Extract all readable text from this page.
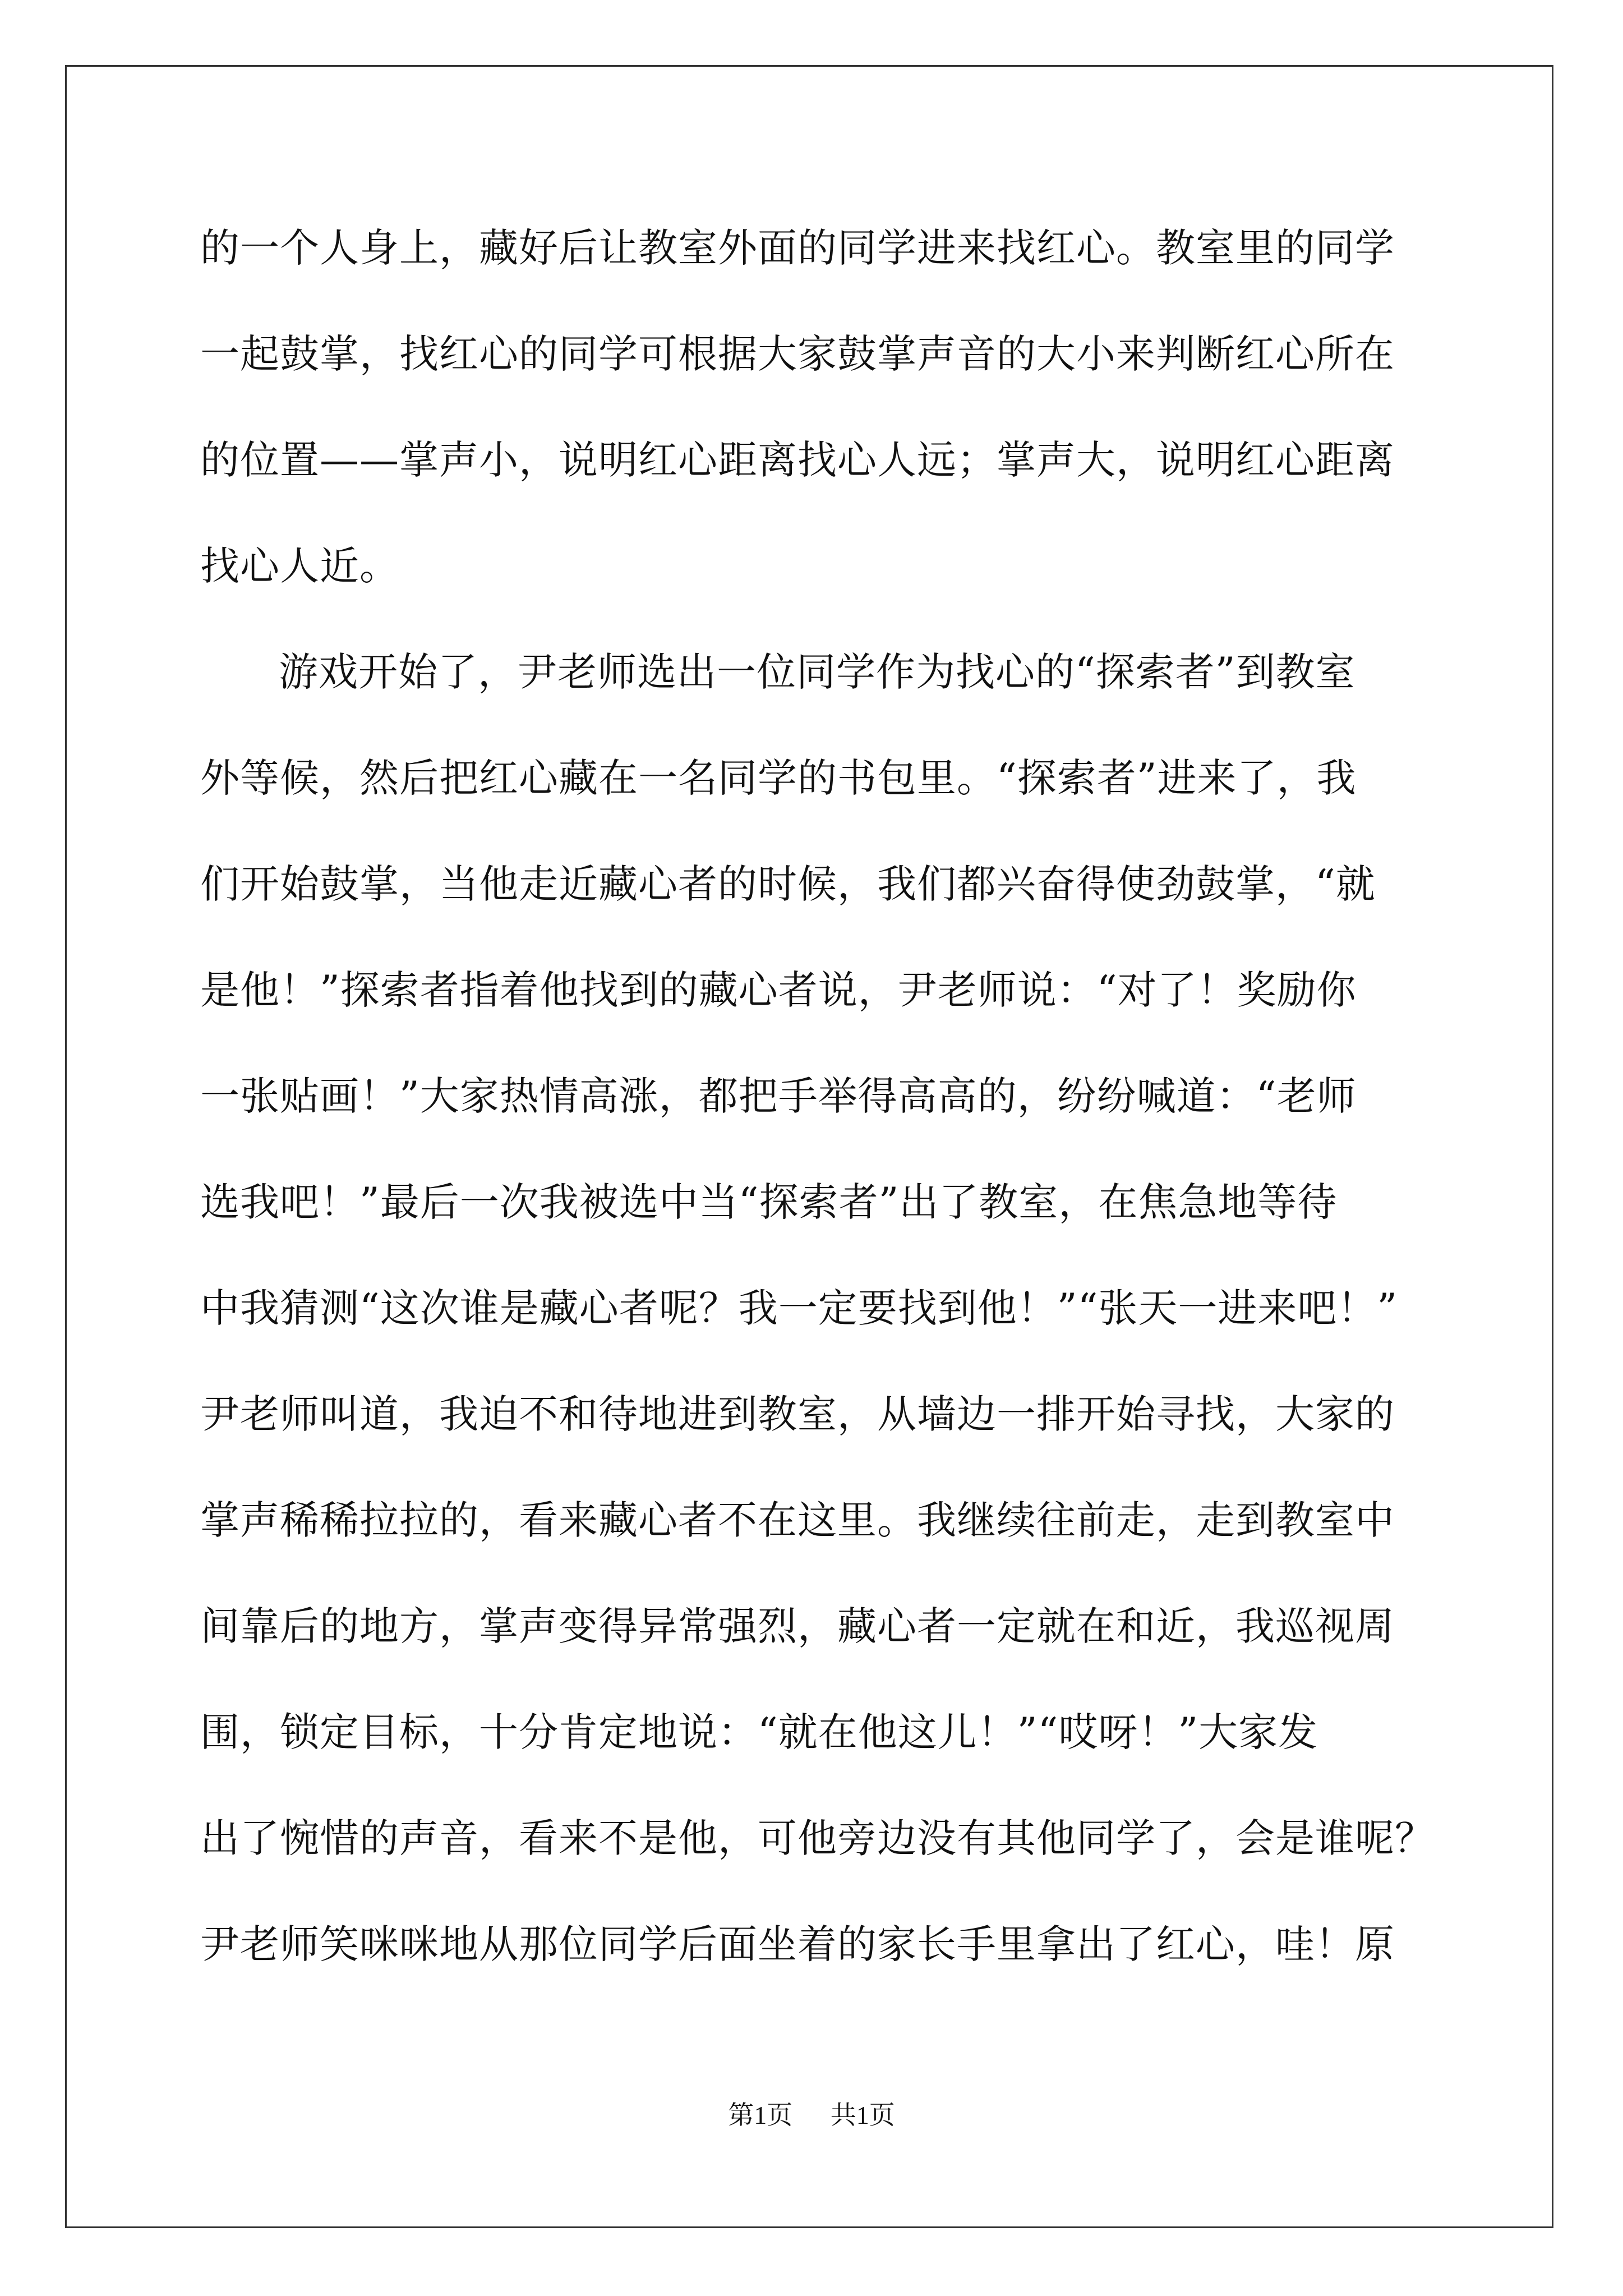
的一个人身上，藏好后让教室外面的同学进来找红心。教室里的同学
一起鼓掌，找红心的同学可根据大家鼓掌声音的大小来判断红心所在
的位置——掌声小，说明红心距离找心人远；掌声大，说明红心距离
找心人近。
游戏开始了，尹老师选出一位同学作为找心的“探索者”到教室
外等候，然后把红心藏在一名同学的书包里。“探索者”进来了，我
们开始鼓掌，当他走近藏心者的时候，我们都兴奋得使劲鼓掌，“就
是他！”探索者指着他找到的藏心者说，尹老师说：“对了！奖励你
一张贴画！”大家热情高涨，都把手举得高高的，纷纷喊道：“老师
选我吧！”最后一次我被选中当“探索者”出了教室，在焦急地等待
中我猜测“这次谁是藏心者呢？我一定要找到他！”“张天一进来吧！”
尹老师叫道，我迫不和待地进到教室，从墙边一排开始寻找，大家的
掌声稀稀拉拉的，看来藏心者不在这里。我继续往前走，走到教室中
间靠后的地方，掌声变得异常强烈，藏心者一定就在和近，我巡视周
围，锁定目标，十分肯定地说：“就在他这儿！”“哎呀！”大家发
出了惋惜的声音，看来不是他，可他旁边没有其他同学了，会是谁呢？
尹老师笑咪咪地从那位同学后面坐着的家长手里拿出了红心，哇！原
第1页 共1页
